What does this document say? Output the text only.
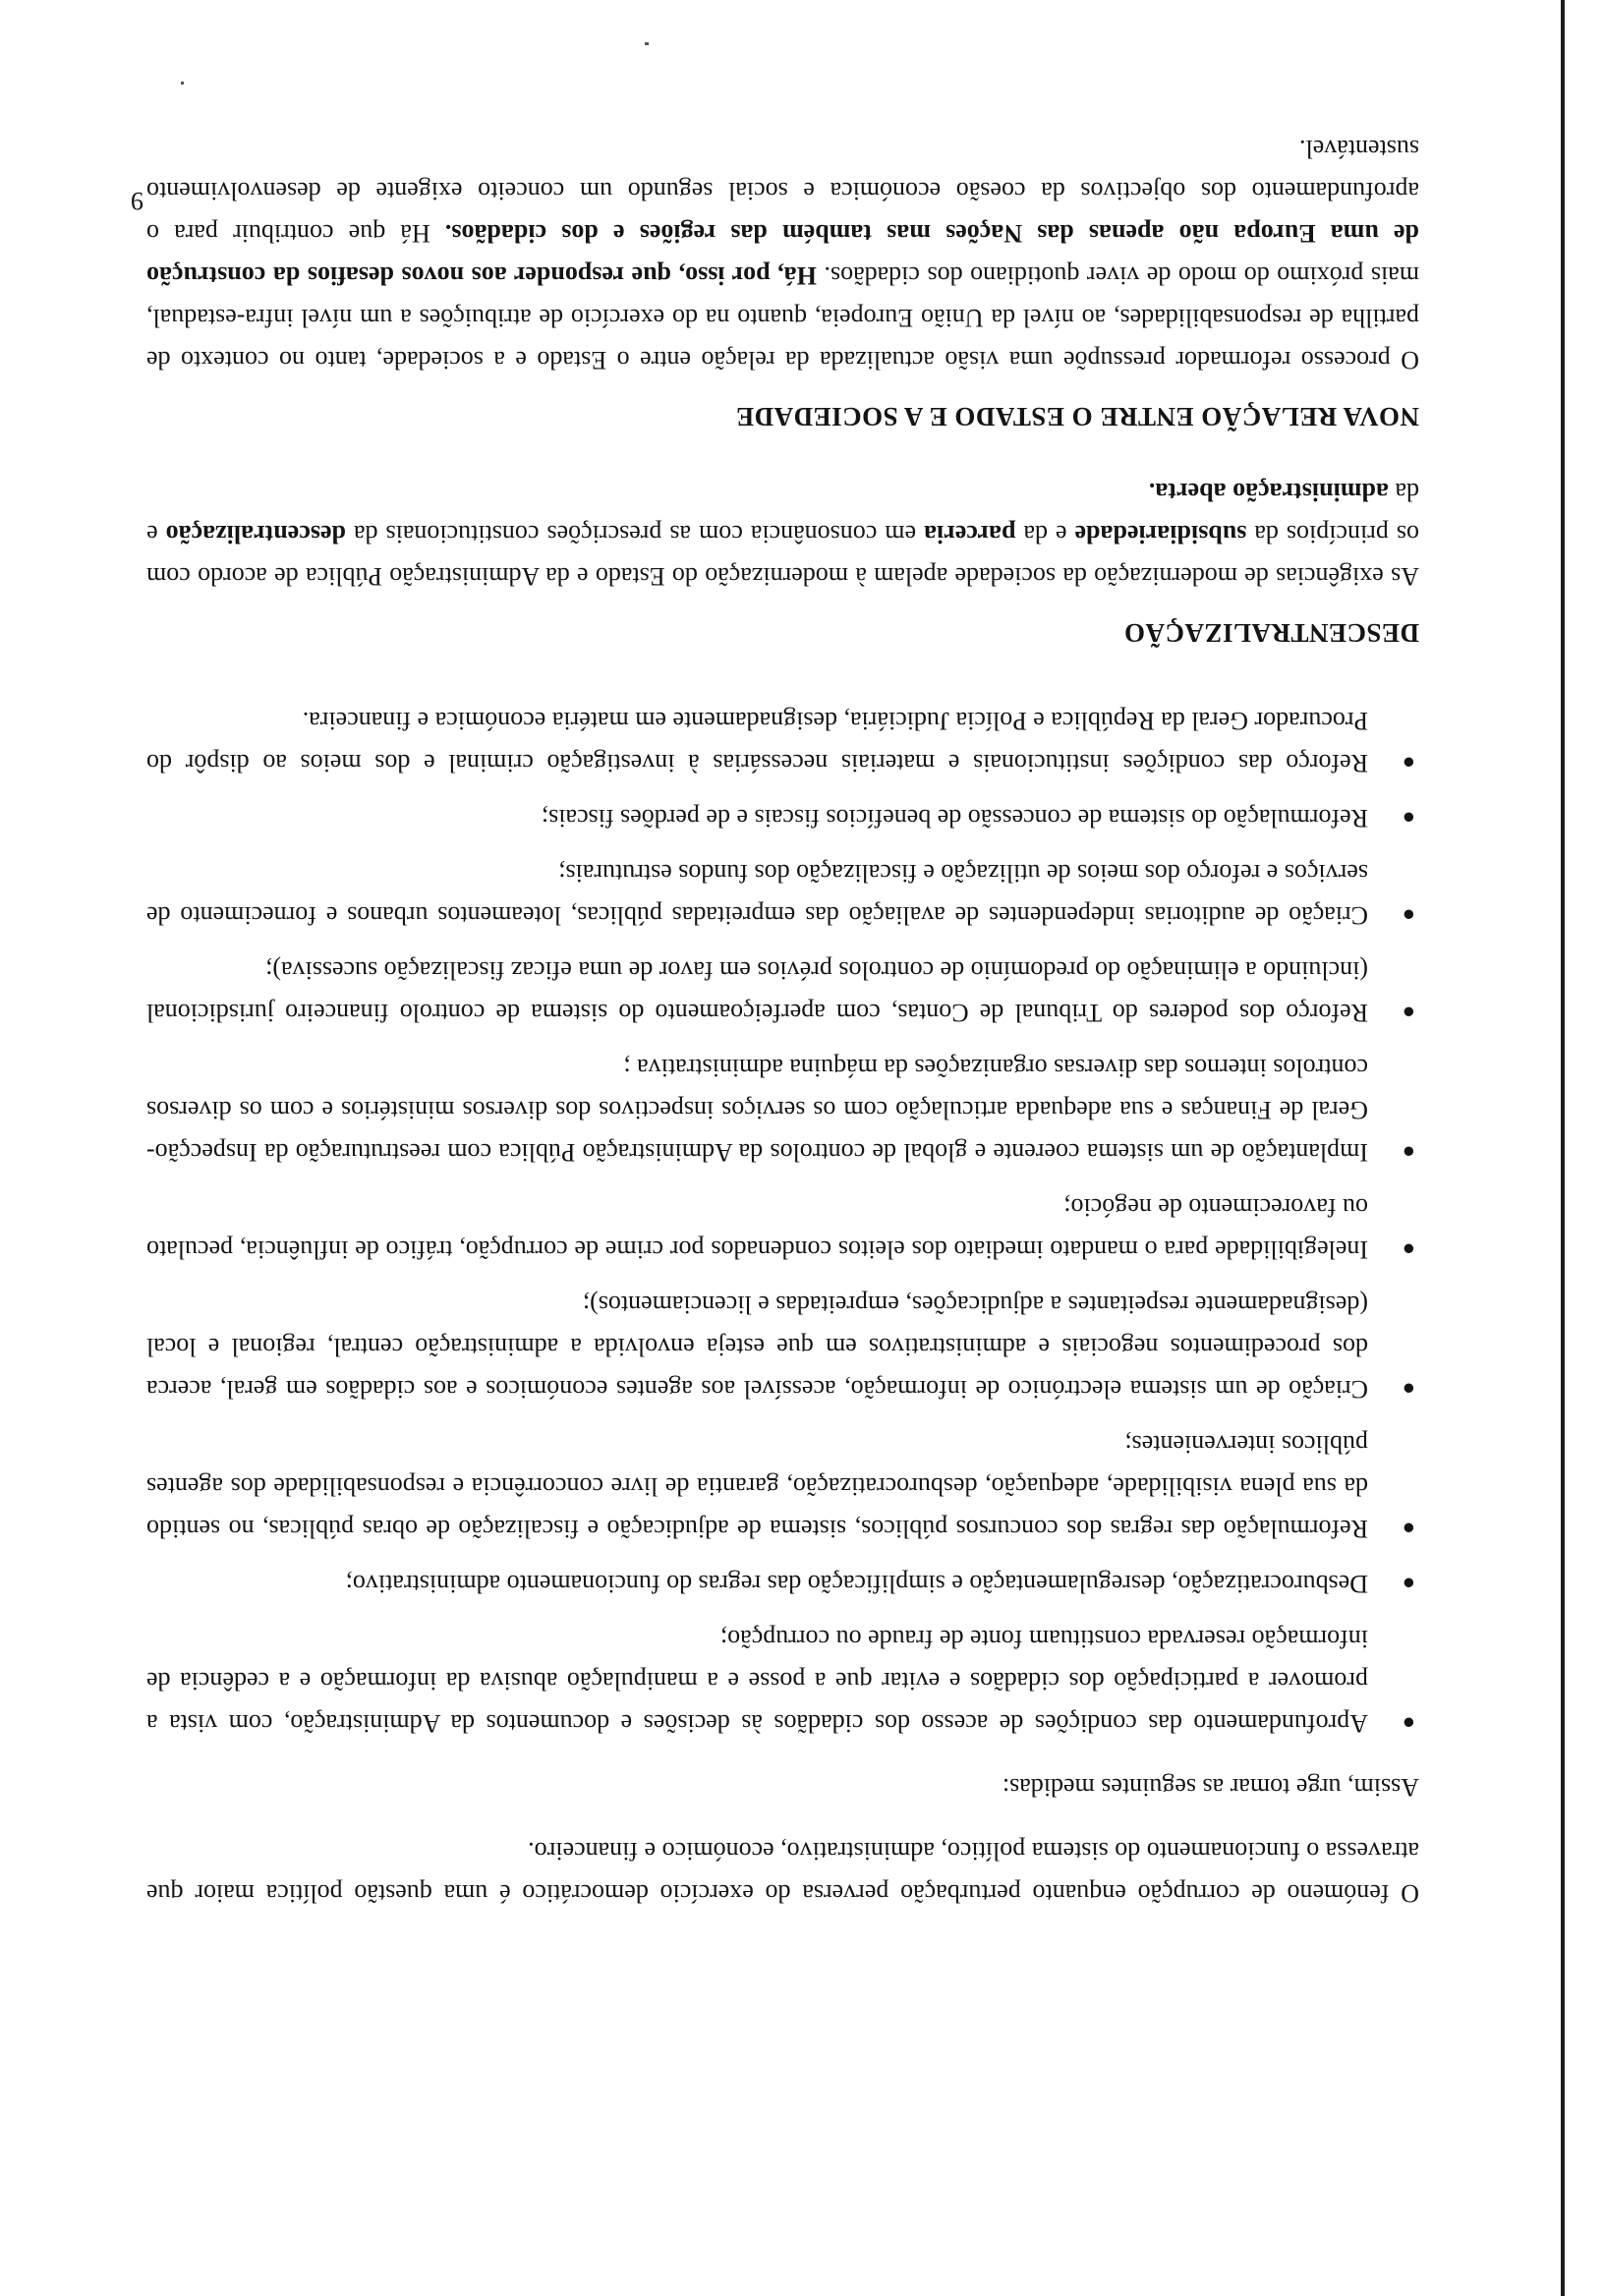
O fenómeno de corrupção enquanto perturbação perversa do exercício democrático é uma questão política maior que atravessa o funcionamento do sistema político, administrativo, económico e financeiro.

Assim, urge tomar as seguintes medidas:

●
Aprofundamento das condições de acesso dos cidadãos às decisões e documentos da Administração, com vista a promover a participação dos cidadãos e evitar que a posse e a manipulação abusiva da informação e a cedência de informação reservada constituam fonte de fraude ou corrupção;
●
Desburocratização, desregulamentação e simplificação das regras do funcionamento administrativo;
●
Reformulação das regras dos concursos públicos, sistema de adjudicação e fiscalização de obras públicas, no sentido da sua plena visibilidade, adequação, desburocratização, garantia de livre concorrência e responsabilidade dos agentes públicos intervenientes;
●
Criação de um sistema electrónico de informação, acessível aos agentes económicos e aos cidadãos em geral, acerca dos procedimentos negociais e administrativos em que esteja envolvida a administração central, regional e local (designadamente respeitantes a adjudicações, empreitadas e licenciamentos);
●
Inelegibilidade para o mandato imediato dos eleitos condenados por crime de corrupção, tráfico de influência, peculato ou favorecimento de negócio;
●
Implantação de um sistema coerente e global de controlos da Administração Pública com reestruturação da Inspecção-Geral de Finanças e sua adequada articulação com os serviços inspectivos dos diversos ministérios e com os diversos controlos internos das diversas organizações da máquina administrativa ;
●
Reforço dos poderes do Tribunal de Contas, com aperfeiçoamento do sistema de controlo financeiro jurisdicional (incluindo a eliminação do predomínio de controlos prévios em favor de uma eficaz fiscalização sucessiva);
●
Criação de auditorias independentes de avaliação das empreitadas públicas, loteamentos urbanos e fornecimento de serviços e reforço dos meios de utilização e fiscalização dos fundos estruturais;
●
Reformulação do sistema de concessão de benefícios fiscais e de perdões fiscais;
●
Reforço das condições institucionais e materiais necessárias à investigação criminal e dos meios ao dispôr do Procurador Geral da República e Polícia Judiciária, designadamente em matéria económica e financeira.
DESCENTRALIZAÇÃO

As exigências de modernização da sociedade apelam à modernização do Estado e da Administração Pública de acordo com os princípios da subsidiariedade e da parceria em consonância com as prescrições constitucionais da descentralização e da administração aberta.

NOVA RELAÇÃO ENTRE O ESTADO E A SOCIEDADE

O processo reformador pressupõe uma visão actualizada da relação entre o Estado e a sociedade, tanto no contexto de partilha de responsabilidades, ao nível da União Europeia, quanto na do exercício de atribuições a um nível infra-estadual, mais próximo do modo de viver quotidiano dos cidadãos. Há, por isso, que responder aos novos desafios da construção de uma Europa não apenas das Nações mas também das regiões e dos cidadãos. Há que contribuir para o aprofundamento dos objectivos da coesão económica e social segundo um conceito exigente de desenvolvimento sustentável.

9
